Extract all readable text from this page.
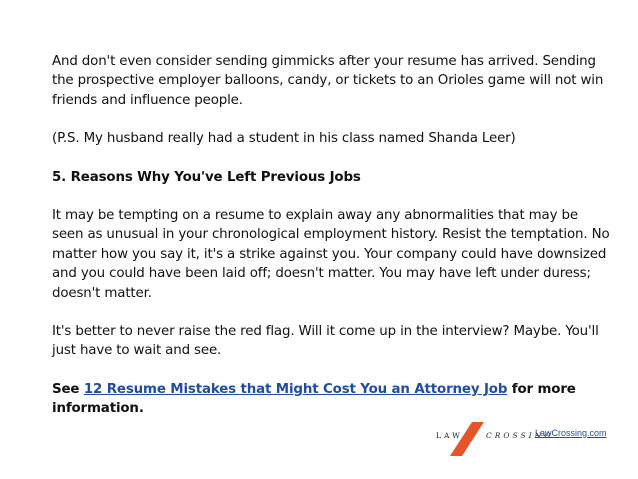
And don't even consider sending gimmicks after your resume has arrived. Sending the prospective employer balloons, candy, or tickets to an Orioles game will not win friends and influence people.

(P.S. My husband really had a student in his class named Shanda Leer)

5. Reasons Why You've Left Previous Jobs

It may be tempting on a resume to explain away any abnormalities that may be seen as unusual in your chronological employment history. Resist the temptation. No matter how you say it, it's a strike against you. Your company could have downsized and you could have been laid off; doesn't matter. You may have left under duress; doesn't matter.

It's better to never raise the red flag. Will it come up in the interview? Maybe. You'll just have to wait and see.

See 12 Resume Mistakes that Might Cost You an Attorney Job for more information.

LAW	CROSSING
LawCrossing.com
